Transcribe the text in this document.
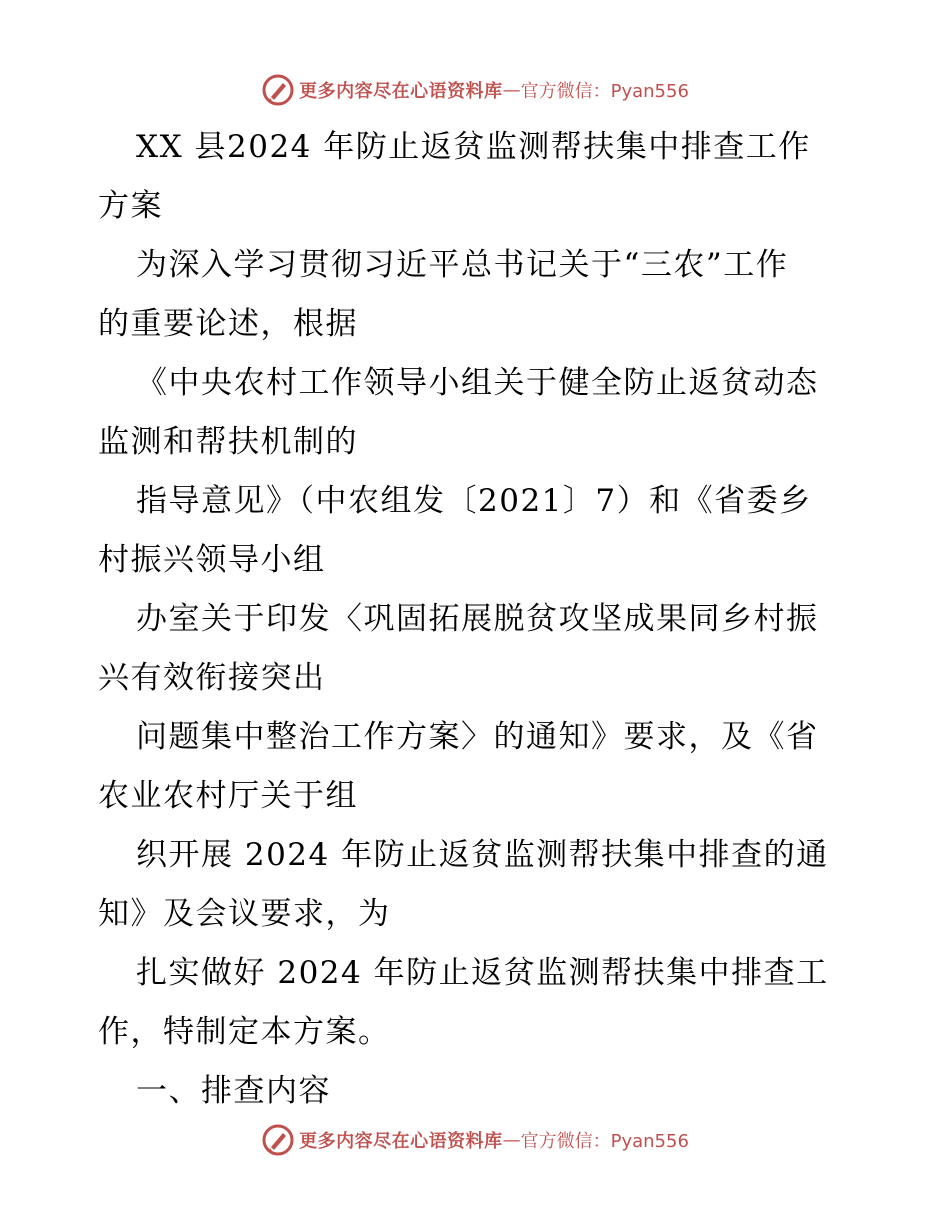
更多内容尽在心语资料库 — 官方微信：Pyan556
XX 县2024 年防止返贫监测帮扶集中排查工作
方案
为深入学习贯彻习近平总书记关于“三农”工作
的重要论述，根据
《中央农村工作领导小组关于健全防止返贫动态
监测和帮扶机制的
指导意见》（中农组发〔2021〕7）和《省委乡
村振兴领导小组
办室关于印发〈巩固拓展脱贫攻坚成果同乡村振
兴有效衔接突出
问题集中整治工作方案〉的通知》要求，及《省
农业农村厅关于组
织开展 2024 年防止返贫监测帮扶集中排查的通
知》及会议要求，为
扎实做好 2024 年防止返贫监测帮扶集中排查工
作，特制定本方案。
一、排查内容
更多内容尽在心语资料库 — 官方微信：Pyan556
